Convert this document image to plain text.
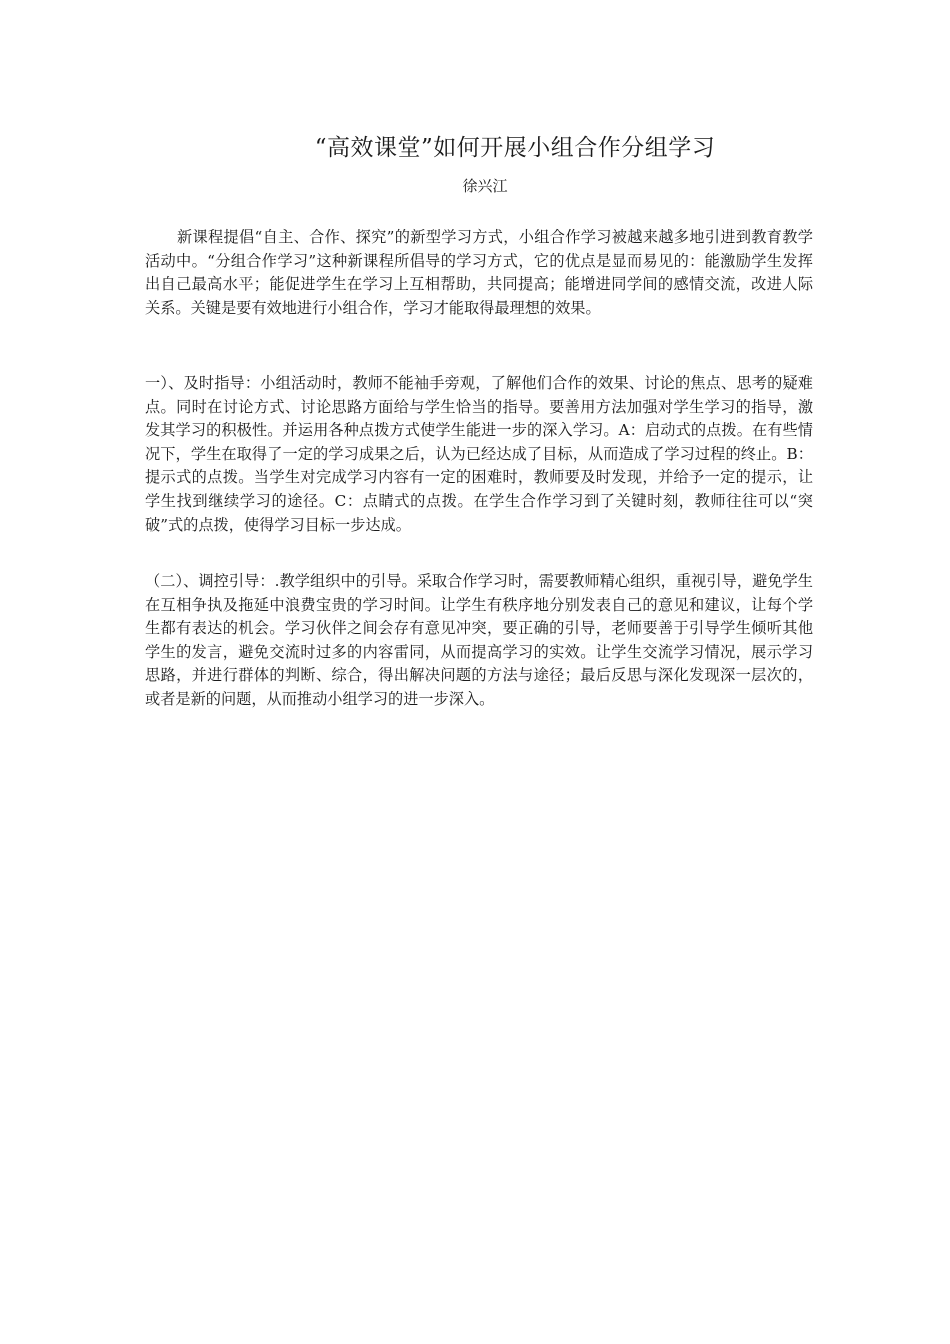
“高效课堂”如何开展小组合作分组学习
徐兴江

新课程提倡“自主、合作、探究”的新型学习方式，小组合作学习被越来越多地引进到教育教学活动中。“分组合作学习”这种新课程所倡导的学习方式，它的优点是显而易见的：能激励学生发挥出自己最高水平；能促进学生在学习上互相帮助，共同提高；能增进同学间的感情交流，改进人际关系。关键是要有效地进行小组合作，学习才能取得最理想的效果。

一）、及时指导：小组活动时，教师不能袖手旁观，了解他们合作的效果、讨论的焦点、思考的疑难点。同时在讨论方式、讨论思路方面给与学生恰当的指导。要善用方法加强对学生学习的指导，激发其学习的积极性。并运用各种点拨方式使学生能进一步的深入学习。A：启动式的点拨。在有些情况下，学生在取得了一定的学习成果之后，认为已经达成了目标，从而造成了学习过程的终止。B：提示式的点拨。当学生对完成学习内容有一定的困难时，教师要及时发现，并给予一定的提示，让学生找到继续学习的途径。C：点睛式的点拨。在学生合作学习到了关键时刻，教师往往可以“突破”式的点拨，使得学习目标一步达成。

（二）、调控引导：.教学组织中的引导。采取合作学习时，需要教师精心组织，重视引导，避免学生在互相争执及拖延中浪费宝贵的学习时间。让学生有秩序地分别发表自己的意见和建议，让每个学生都有表达的机会。学习伙伴之间会存有意见冲突，要正确的引导，老师要善于引导学生倾听其他学生的发言，避免交流时过多的内容雷同，从而提高学习的实效。让学生交流学习情况，展示学习思路，并进行群体的判断、综合，得出解决问题的方法与途径；最后反思与深化发现深一层次的，或者是新的问题，从而推动小组学习的进一步深入。
